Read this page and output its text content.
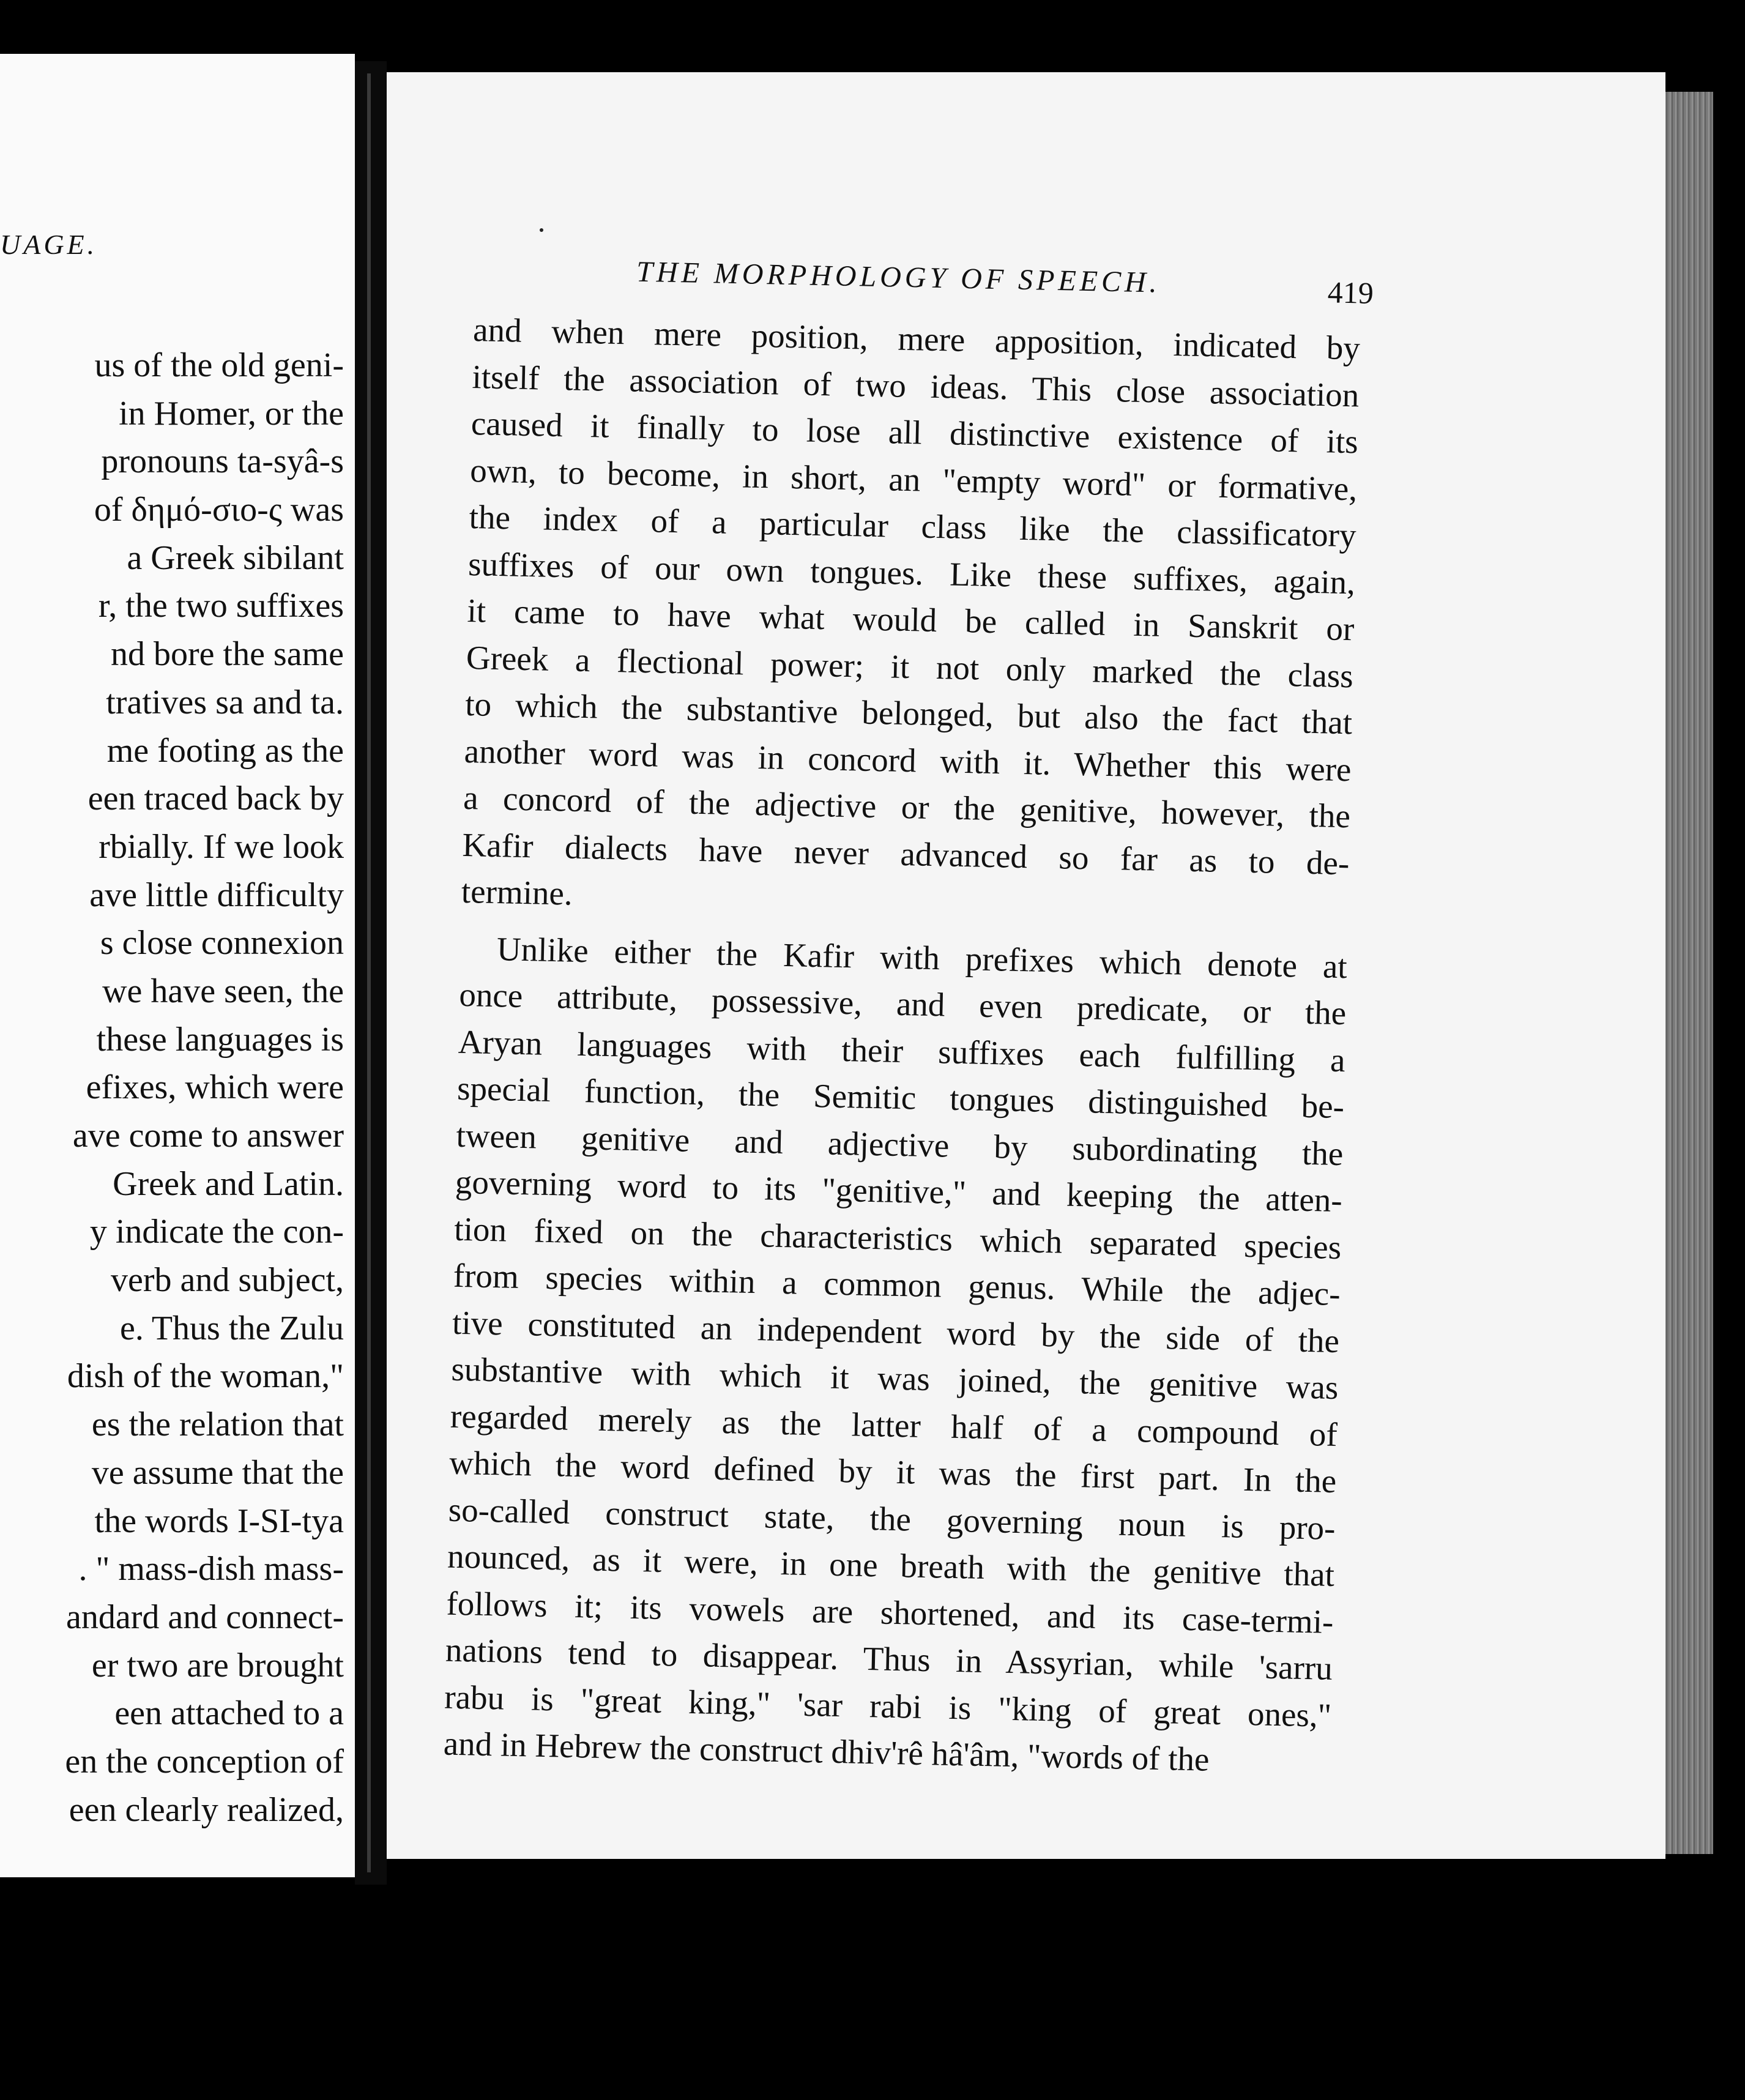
UAGE.
us of the old geni-
in Homer, or the
pronouns ta-syâ-s
of δημό-σιο-ς was
a Greek sibilant
r, the two suffixes
nd bore the same
tratives sa and ta.
me footing as the
een traced back by
rbially. If we look
ave little difficulty
s close connexion
we have seen, the
these languages is
efixes, which were
ave come to answer
Greek and Latin.
y indicate the con-
verb and subject,
e. Thus the Zulu
dish of the woman,"
es the relation that
ve assume that the
the words I-SI-tya
. " mass-dish mass-
andard and connect-
er two are brought
een attached to a
en the conception of
een clearly realized,
THE MORPHOLOGY OF SPEECH.	419
and when mere position, mere apposition, indicated by
itself the association of two ideas. This close association
caused it finally to lose all distinctive existence of its
own, to become, in short, an "empty word" or formative,
the index of a particular class like the classificatory
suffixes of our own tongues. Like these suffixes, again,
it came to have what would be called in Sanskrit or
Greek a flectional power; it not only marked the class
to which the substantive belonged, but also the fact that
another word was in concord with it. Whether this were
a concord of the adjective or the genitive, however, the
Kafir dialects have never advanced so far as to de-
termine.
Unlike either the Kafir with prefixes which denote at
once attribute, possessive, and even predicate, or the
Aryan languages with their suffixes each fulfilling a
special function, the Semitic tongues distinguished be-
tween genitive and adjective by subordinating the
governing word to its "genitive," and keeping the atten-
tion fixed on the characteristics which separated species
from species within a common genus. While the adjec-
tive constituted an independent word by the side of the
substantive with which it was joined, the genitive was
regarded merely as the latter half of a compound of
which the word defined by it was the first part. In the
so-called construct state, the governing noun is pro-
nounced, as it were, in one breath with the genitive that
follows it; its vowels are shortened, and its case-termi-
nations tend to disappear. Thus in Assyrian, while 'sarru
rabu is "great king," 'sar rabi is "king of great ones,"
and in Hebrew the construct dhiv'rê hâ'âm, "words of the
